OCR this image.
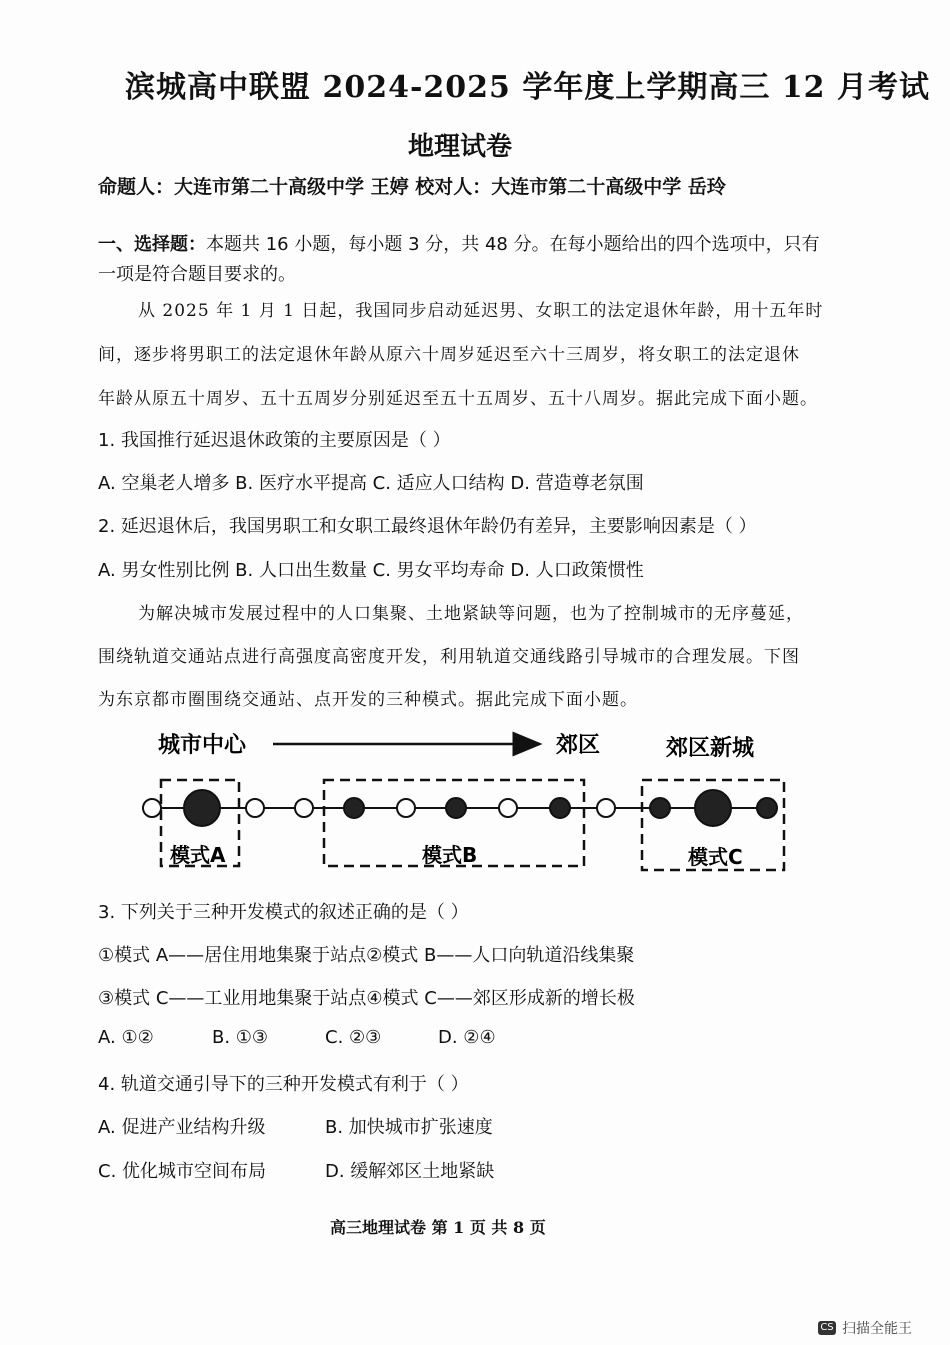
滨城高中联盟 2024-2025 学年度上学期高三 12 月考试
地理试卷
命题人：大连市第二十高级中学 王婷 校对人：大连市第二十高级中学 岳玲
一、选择题：本题共 16 小题，每小题 3 分，共 48 分。在每小题给出的四个选项中，只有
一项是符合题目要求的。
从 2025 年 1 月 1 日起，我国同步启动延迟男、女职工的法定退休年龄，用十五年时
间，逐步将男职工的法定退休年龄从原六十周岁延迟至六十三周岁，将女职工的法定退休
年龄从原五十周岁、五十五周岁分别延迟至五十五周岁、五十八周岁。据此完成下面小题。
1. 我国推行延迟退休政策的主要原因是（ ）
A. 空巢老人增多 B. 医疗水平提高 C. 适应人口结构 D. 营造尊老氛围
2. 延迟退休后，我国男职工和女职工最终退休年龄仍有差异，主要影响因素是（ ）
A. 男女性别比例 B. 人口出生数量 C. 男女平均寿命 D. 人口政策惯性
为解决城市发展过程中的人口集聚、土地紧缺等问题，也为了控制城市的无序蔓延，
围绕轨道交通站点进行高强度高密度开发，利用轨道交通线路引导城市的合理发展。下图
为东京都市圈围绕交通站、点开发的三种模式。据此完成下面小题。
城市中心	郊区	郊区新城
模式A	模式B	模式C
3. 下列关于三种开发模式的叙述正确的是（ ）
①模式 A——居住用地集聚于站点②模式 B——人口向轨道沿线集聚
③模式 C——工业用地集聚于站点④模式 C——郊区形成新的增长极
A. ①②	B. ①③	C. ②③	D. ②④
4. 轨道交通引导下的三种开发模式有利于（ ）
A. 促进产业结构升级	B. 加快城市扩张速度
C. 优化城市空间布局	D. 缓解郊区土地紧缺
高三地理试卷 第 1 页 共 8 页
CS 扫描全能王
